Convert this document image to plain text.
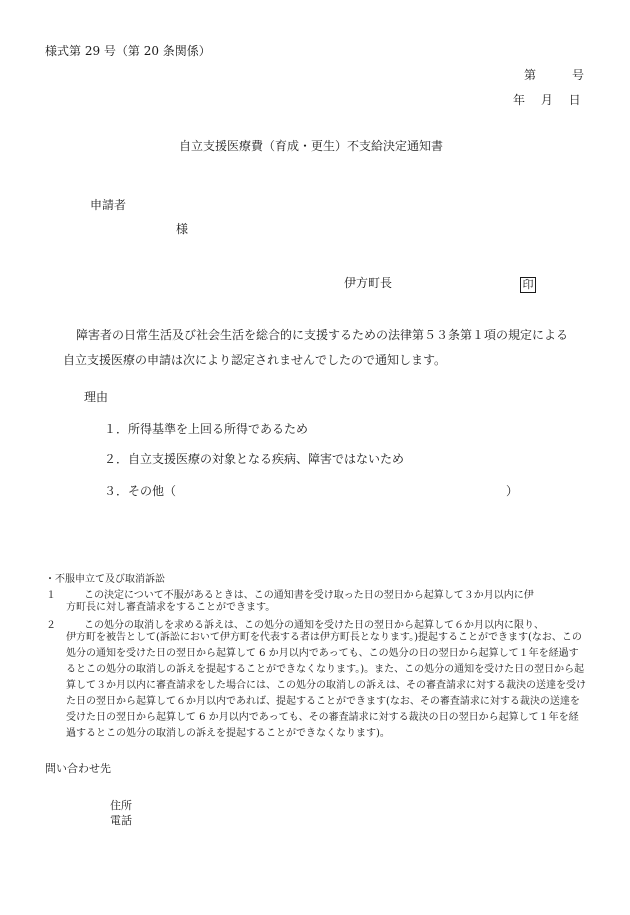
様式第 29 号（第 20 条関係）
第　　　号
年　 月　 日
自立支援医療費（育成・更生）不支給決定通知書
申請者
様
伊方町長	印
障害者の日常生活及び社会生活を総合的に支援するための法律第５３条第１項の規定による
自立支援医療の申請は次により認定されませんでしたので通知します。
理由
１．所得基準を上回る所得であるため
２．自立支援医療の対象となる疾病、障害ではないため
３．その他（	）
・不服申立て及び取消訴訟
１	この決定について不服があるときは、この通知書を受け取った日の翌日から起算して３か月以内に伊
方町長に対し審査請求をすることができます。
２	この処分の取消しを求める訴えは、この処分の通知を受けた日の翌日から起算して６か月以内に限り、
伊方町を被告として(訴訟において伊方町を代表する者は伊方町長となります。)提起することができます(なお、この処分の通知を受けた日の翌日から起算して 6 か月以内であっても、この処分の日の翌日から起算して１年を経過するとこの処分の取消しの訴えを提起することができなくなります。)。また、この処分の通知を受けた日の翌日から起算して３か月以内に審査請求をした場合には、この処分の取消しの訴えは、その審査請求に対する裁決の送達を受けた日の翌日から起算して６か月以内であれば、提起することができます(なお、その審査請求に対する裁決の送達を受けた日の翌日から起算して 6 か月以内であっても、その審査請求に対する裁決の日の翌日から起算して１年を経過するとこの処分の取消しの訴えを提起することができなくなります)。
問い合わせ先
住所
電話
